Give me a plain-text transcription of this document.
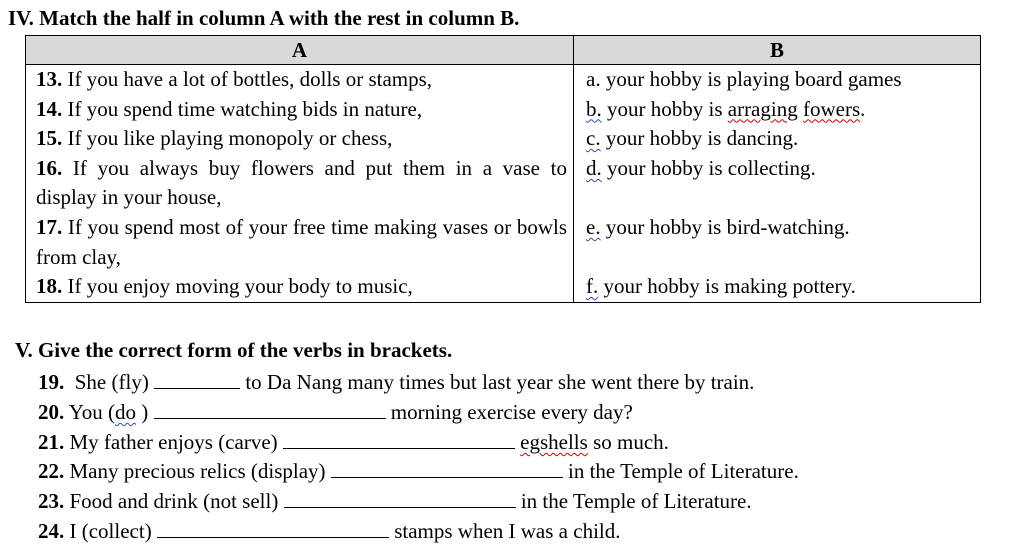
IV. Match the half in column A with the rest in column B.
A	B
13. If you have a lot of bottles, dolls or stamps,	a. your hobby is playing board games
14. If you spend time watching bids in nature,	b. your hobby is arraging fowers.
15. If you like playing monopoly or chess,	c. your hobby is dancing.
16. If you always buy flowers and put them in a vase to display in your house,	d. your hobby is collecting.
17. If you spend most of your free time making vases or bowls from clay,	e. your hobby is bird-watching.
18. If you enjoy moving your body to music,	f. your hobby is making pottery.
V. Give the correct form of the verbs in brackets.
19. She (fly)	to Da Nang many times but last year she went there by train.
20. You (do )	morning exercise every day?
21. My father enjoys (carve)	egshells so much.
22. Many precious relics (display)	in the Temple of Literature.
23. Food and drink (not sell)	in the Temple of Literature.
24. I (collect)	stamps when I was a child.
